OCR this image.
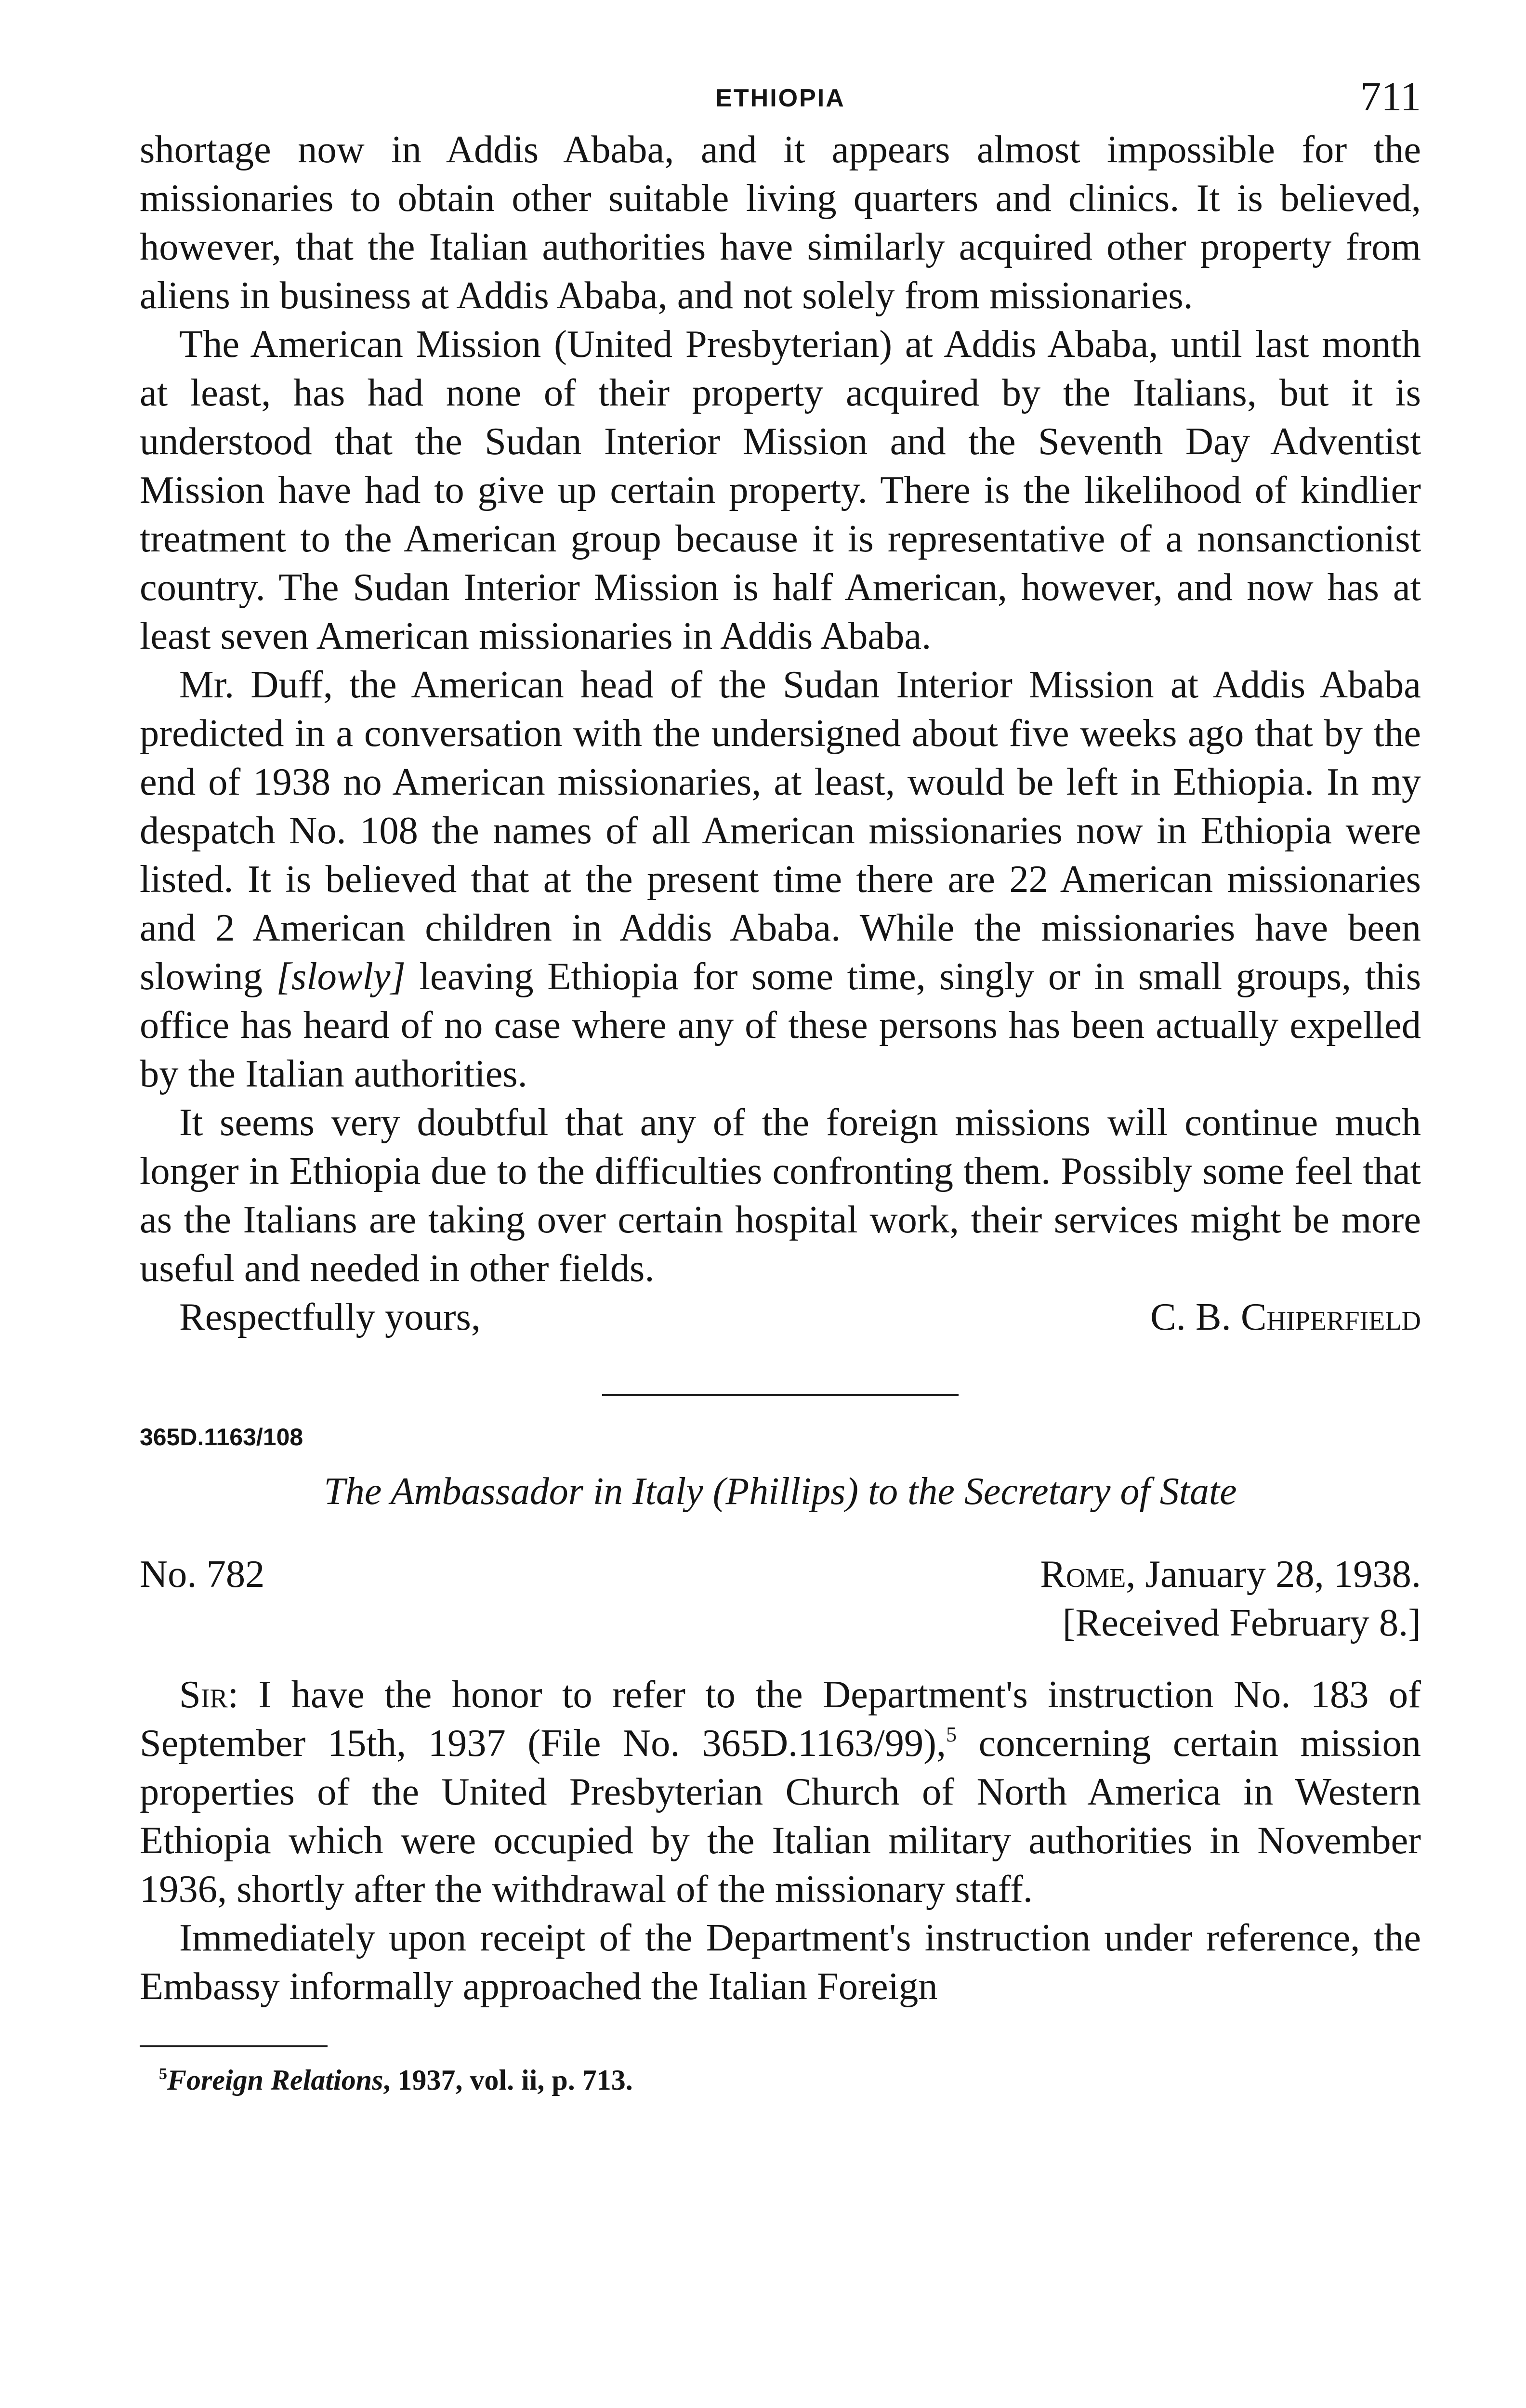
ETHIOPIA	711

shortage now in Addis Ababa, and it appears almost impossible for the missionaries to obtain other suitable living quarters and clinics. It is believed, however, that the Italian authorities have similarly acquired other property from aliens in business at Addis Ababa, and not solely from missionaries.

The American Mission (United Presbyterian) at Addis Ababa, until last month at least, has had none of their property acquired by the Italians, but it is understood that the Sudan Interior Mission and the Seventh Day Adventist Mission have had to give up certain property. There is the likelihood of kindlier treatment to the American group because it is representative of a nonsanctionist country. The Sudan Interior Mission is half American, however, and now has at least seven American missionaries in Addis Ababa.

Mr. Duff, the American head of the Sudan Interior Mission at Addis Ababa predicted in a conversation with the undersigned about five weeks ago that by the end of 1938 no American missionaries, at least, would be left in Ethiopia. In my despatch No. 108 the names of all American missionaries now in Ethiopia were listed. It is believed that at the present time there are 22 American missionaries and 2 American children in Addis Ababa. While the missionaries have been slowing [slowly] leaving Ethiopia for some time, singly or in small groups, this office has heard of no case where any of these persons has been actually expelled by the Italian authorities.

It seems very doubtful that any of the foreign missions will continue much longer in Ethiopia due to the difficulties confronting them. Possibly some feel that as the Italians are taking over certain hospital work, their services might be more useful and needed in other fields.

Respectfully yours,	C. B. Chiperfield
365D.1163/108
The Ambassador in Italy (Phillips) to the Secretary of State
No. 782	Rome, January 28, 1938.
[Received February 8.]

Sir: I have the honor to refer to the Department's instruction No. 183 of September 15th, 1937 (File No. 365D.1163/99),$^5$ concerning certain mission properties of the United Presbyterian Church of North America in Western Ethiopia which were occupied by the Italian military authorities in November 1936, shortly after the withdrawal of the missionary staff.

Immediately upon receipt of the Department's instruction under reference, the Embassy informally approached the Italian Foreign

$^5$Foreign Relations, 1937, vol. ii, p. 713.
